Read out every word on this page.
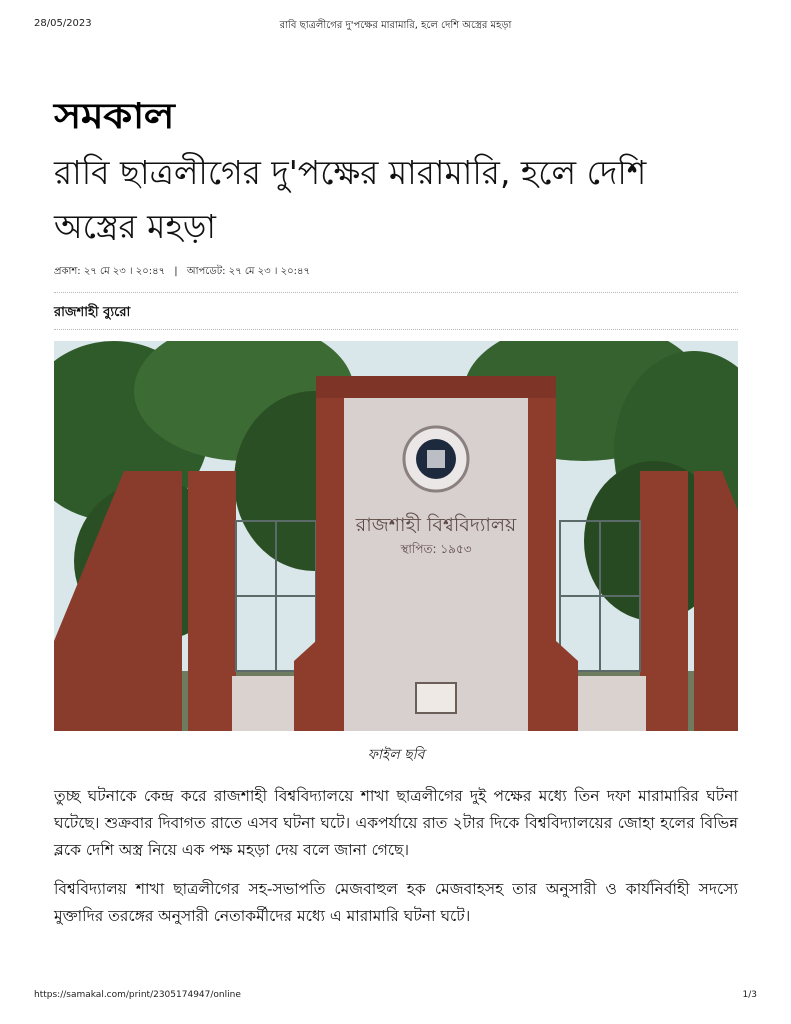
28/05/2023	রাবি ছাত্রলীগের দু'পক্ষের মারামারি, হলে দেশি অস্ত্রের মহড়া
সমকাল
রাবি ছাত্রলীগের দু'পক্ষের মারামারি, হলে দেশি অস্ত্রের মহড়া
প্রকাশ: ২৭ মে ২৩ । ২০:৪৭ | আপডেট: ২৭ মে ২৩ । ২০:৪৭
রাজশাহী ব্যুরো
রাজশাহী বিশ্ববিদ্যালয়
স্থাপিত: ১৯৫৩
ফাইল ছবি

তুচ্ছ ঘটনাকে কেন্দ্র করে রাজশাহী বিশ্ববিদ্যালয়ে শাখা ছাত্রলীগের দুই পক্ষের মধ্যে তিন দফা মারামারির ঘটনা ঘটেছে। শুক্রবার দিবাগত রাতে এসব ঘটনা ঘটে। একপর্যায়ে রাত ২টার দিকে বিশ্ববিদ্যালয়ের জোহা হলের বিভিন্ন ব্লকে দেশি অস্ত্র নিয়ে এক পক্ষ মহড়া দেয় বলে জানা গেছে।

বিশ্ববিদ্যালয় শাখা ছাত্রলীগের সহ-সভাপতি মেজবাহুল হক মেজবাহসহ তার অনুসারী ও কার্যনির্বাহী সদস্যে মুক্তাদির তরঙ্গের অনুসারী নেতাকর্মীদের মধ্যে এ মারামারি ঘটনা ঘটে।

https://samakal.com/print/2305174947/online	1/3
